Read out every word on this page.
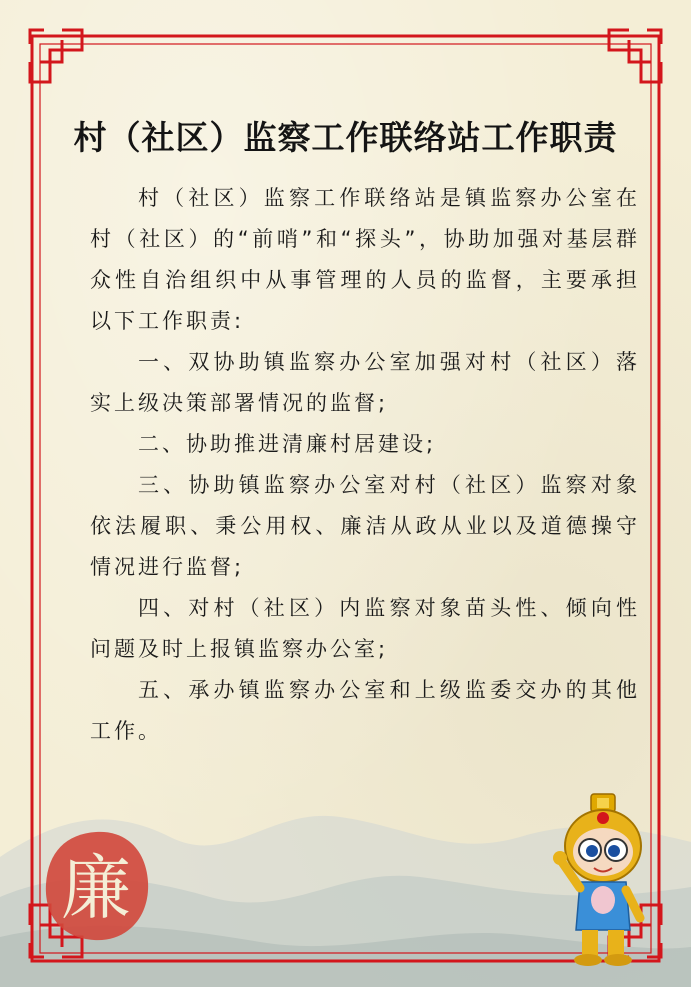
村（社区）监察工作联络站工作职责

村（社区）监察工作联络站是镇监察办公室在村（社区）的“前哨”和“探头”，协助加强对基层群众性自治组织中从事管理的人员的监督，主要承担以下工作职责:

一、双协助镇监察办公室加强对村（社区）落实上级决策部署情况的监督;

二、协助推进清廉村居建设;

三、协助镇监察办公室对村（社区）监察对象依法履职、秉公用权、廉洁从政从业以及道德操守情况进行监督;

四、对村（社区）内监察对象苗头性、倾向性问题及时上报镇监察办公室;

五、承办镇监察办公室和上级监委交办的其他工作。

廉
